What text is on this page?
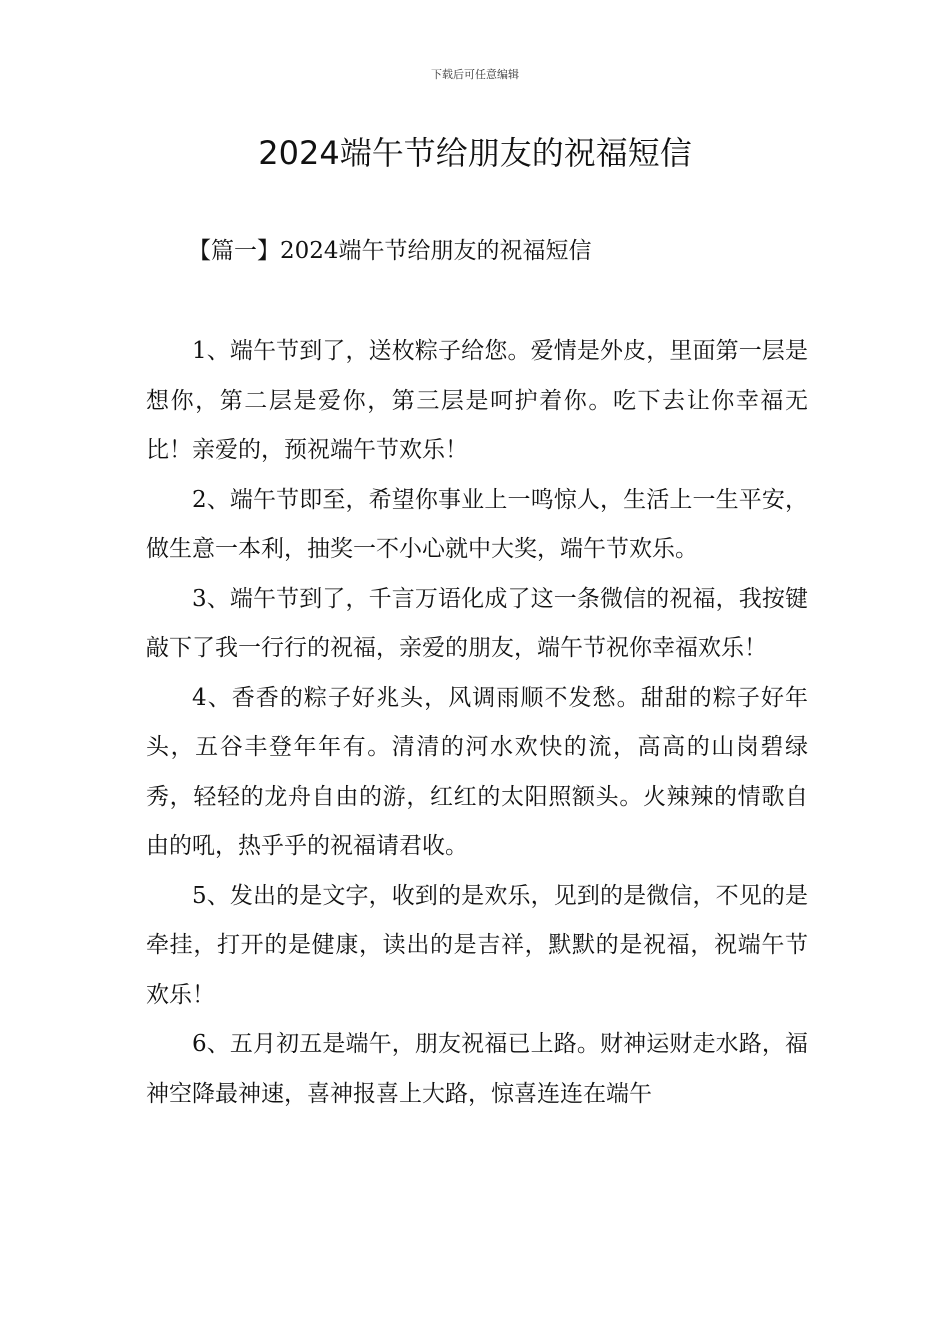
下载后可任意编辑
2024端午节给朋友的祝福短信
【篇一】2024端午节给朋友的祝福短信

1、端午节到了，送枚粽子给您。爱情是外皮，里面第一层是想你，第二层是爱你，第三层是呵护着你。吃下去让你幸福无比！亲爱的，预祝端午节欢乐！

2、端午节即至，希望你事业上一鸣惊人，生活上一生平安，做生意一本利，抽奖一不小心就中大奖，端午节欢乐。

3、端午节到了，千言万语化成了这一条微信的祝福，我按键敲下了我一行行的祝福，亲爱的朋友，端午节祝你幸福欢乐！

4、香香的粽子好兆头，风调雨顺不发愁。甜甜的粽子好年头，五谷丰登年年有。清清的河水欢快的流，高高的山岗碧绿秀，轻轻的龙舟自由的游，红红的太阳照额头。火辣辣的情歌自由的吼，热乎乎的祝福请君收。

5、发出的是文字，收到的是欢乐，见到的是微信，不见的是牵挂，打开的是健康，读出的是吉祥，默默的是祝福，祝端午节欢乐！

6、五月初五是端午，朋友祝福已上路。财神运财走水路，福神空降最神速，喜神报喜上大路，惊喜连连在端午
